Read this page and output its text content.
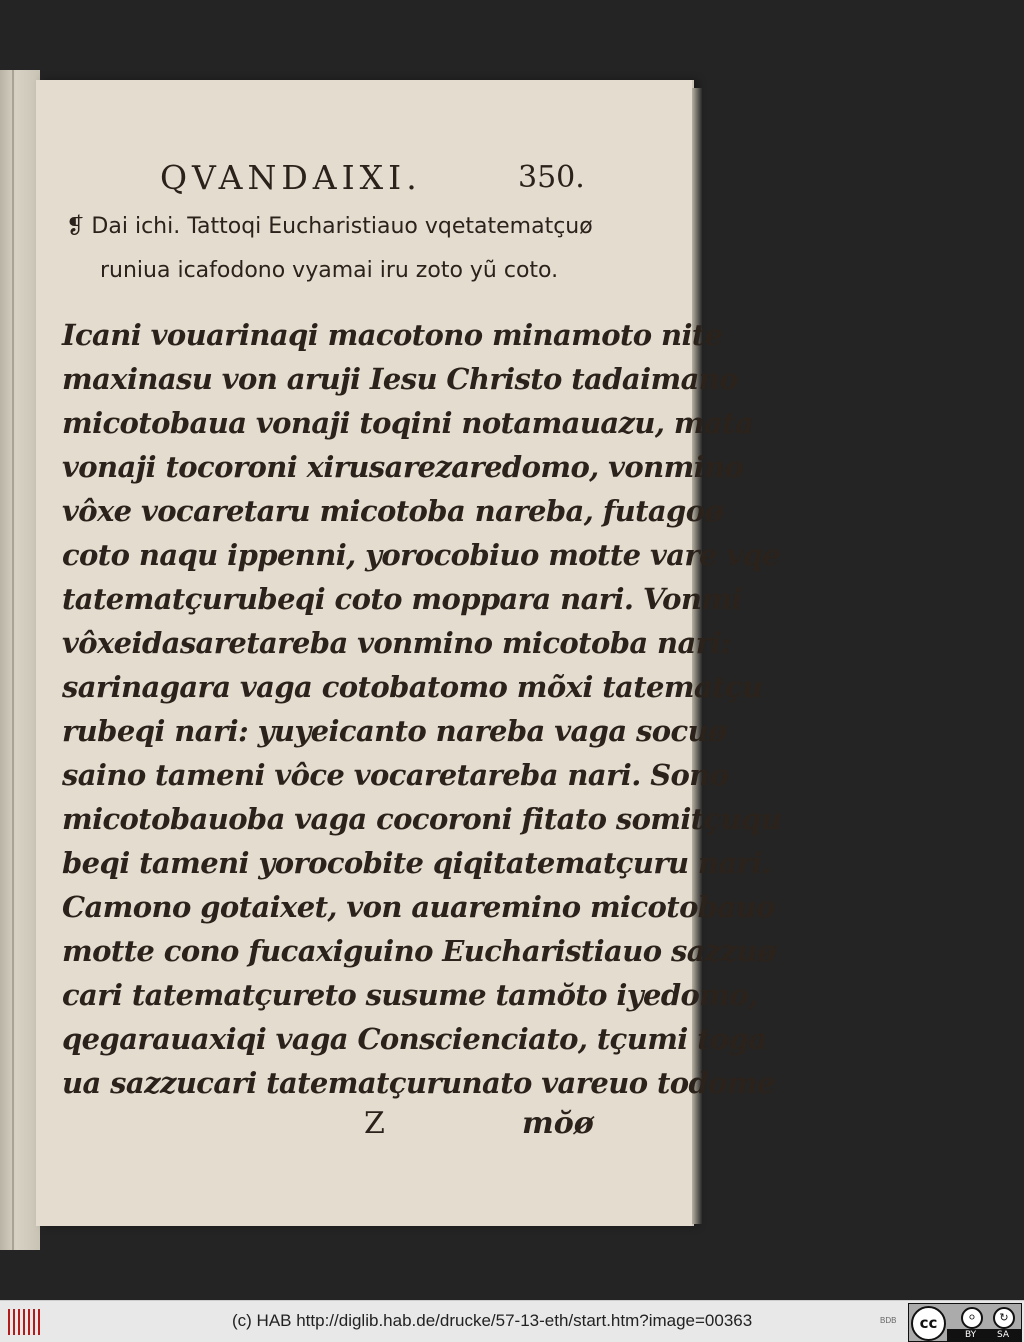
QVANDAIXI.	350.
❡ Dai ichi. Tattoqi Eucharistiauo vqetatematçuø
runiua icafodono vyamai iru zoto yũ coto.
Icani vouarinaqi macotono minamoto nite
maxinasu von aruji Iesu Christo tadaimano
micotobaua vonaji toqini notamauazu, mata
vonaji tocoroni xirusarezaredomo, vonmino
vôxe vocaretaru micotoba nareba, futagoø
coto naqu ippenni, yorocobiuo motte vare vqe
tatematçurubeqi coto moppara nari. Vonmi
vôxeidasaretareba vonmino micotoba nari:
sarinagara vaga cotobatomo mõxi tatematçu
rubeqi nari: yuyeicanto nareba vaga socuø
saino tameni vôce vocaretareba nari. Sono
micotobauoba vaga cocoroni fitato somitçuqu
beqi tameni yorocobite qiqitatematçuru nari.
Camono gotaixet, von auaremino micotobauo
motte cono fucaxiguino Eucharistiauo sazzuø
cari tatematçureto susume tamŏto iyedomo,
qegarauaxiqi vaga Conscienciato, tçumi toga
ua sazzucari tatematçurunato vareuo todome
Z	mŏø
(c) HAB http://diglib.hab.de/drucke/57-13-eth/start.htm?image=00363	BDB	cc	⚪	↻
BY SA
